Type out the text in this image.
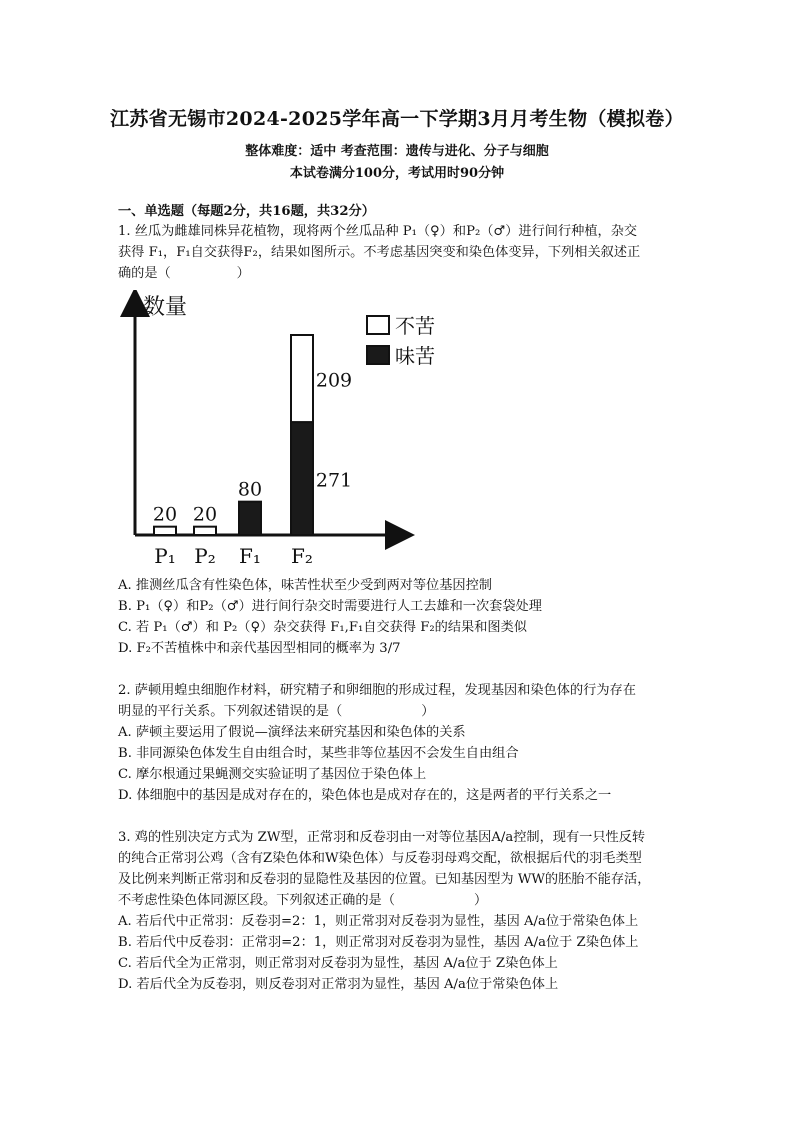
江苏省无锡市2024-2025学年高一下学期3月月考生物（模拟卷）
整体难度：适中 考查范围：遗传与进化、分子与细胞
本试卷满分100分，考试用时90分钟
一、单选题（每题2分，共16题，共32分）
1. 丝瓜为雌雄同株异花植物，现将两个丝瓜品种 P₁（♀）和P₂（♂）进行间行种植，杂交
获得 F₁，F₁自交获得F₂，结果如图所示。不考虑基因突变和染色体变异，下列相关叙述正
确的是（　　　　　）
数量
20 20
80	271
209
P₁ P₂ F₁ F₂
不苦
味苦
A. 推测丝瓜含有性染色体，味苦性状至少受到两对等位基因控制
B. P₁（♀）和P₂（♂）进行间行杂交时需要进行人工去雄和一次套袋处理
C. 若 P₁（♂）和 P₂（♀）杂交获得 F₁,F₁自交获得 F₂的结果和图类似
D. F₂不苦植株中和亲代基因型相同的概率为 3/7
2. 萨顿用蝗虫细胞作材料，研究精子和卵细胞的形成过程，发现基因和染色体的行为存在
明显的平行关系。下列叙述错误的是（　　　　　　）
A. 萨顿主要运用了假说—演绎法来研究基因和染色体的关系
B. 非同源染色体发生自由组合时，某些非等位基因不会发生自由组合
C. 摩尔根通过果蝇测交实验证明了基因位于染色体上
D. 体细胞中的基因是成对存在的，染色体也是成对存在的，这是两者的平行关系之一
3. 鸡的性别决定方式为 ZW型，正常羽和反卷羽由一对等位基因A/a控制，现有一只性反转
的纯合正常羽公鸡（含有Z染色体和W染色体）与反卷羽母鸡交配，欲根据后代的羽毛类型
及比例来判断正常羽和反卷羽的显隐性及基因的位置。已知基因型为 WW的胚胎不能存活，
不考虑性染色体同源区段。下列叙述正确的是（　　　　　　）
A. 若后代中正常羽：反卷羽=2：1，则正常羽对反卷羽为显性，基因 A/a位于常染色体上
B. 若后代中反卷羽：正常羽=2：1，则正常羽对反卷羽为显性，基因 A/a位于 Z染色体上
C. 若后代全为正常羽，则正常羽对反卷羽为显性，基因 A/a位于 Z染色体上
D. 若后代全为反卷羽，则反卷羽对正常羽为显性，基因 A/a位于常染色体上
